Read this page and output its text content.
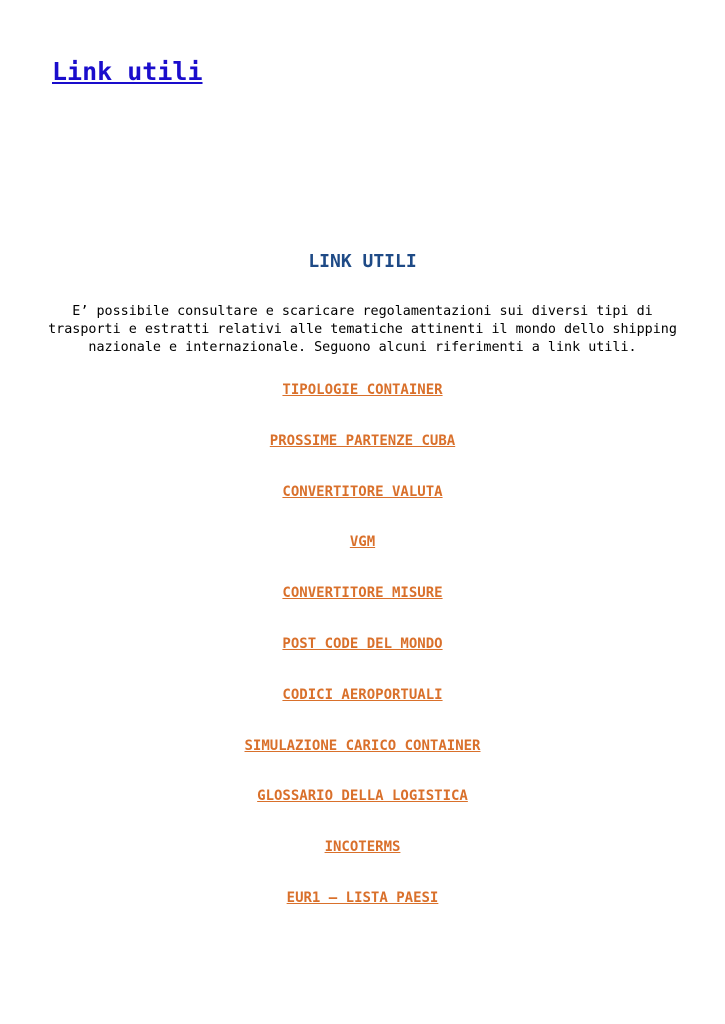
Link utili
LINK UTILI

E’ possibile consultare e scaricare regolamentazioni sui diversi tipi di trasporti e estratti relativi alle tematiche attinenti il mondo dello shipping nazionale e internazionale. Seguono alcuni riferimenti a link utili.

TIPOLOGIE CONTAINER
PROSSIME PARTENZE CUBA
CONVERTITORE VALUTA
VGM
CONVERTITORE MISURE
POST CODE DEL MONDO
CODICI AEROPORTUALI
SIMULAZIONE CARICO CONTAINER
GLOSSARIO DELLA LOGISTICA
INCOTERMS
EUR1 – LISTA PAESI
